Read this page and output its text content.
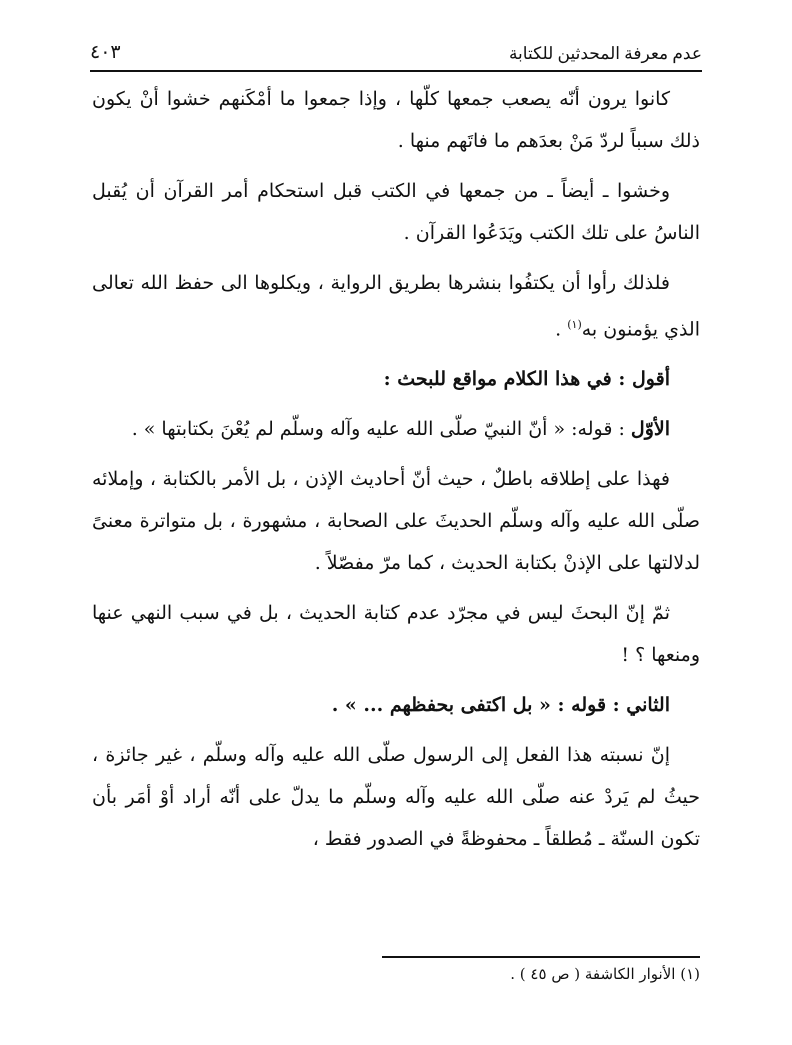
عدم معرفة المحدثين للكتابة
٤٠٣

كانوا يرون أنّه يصعب جمعها كلّها ، وإذا جمعوا ما أمْكَنهم خشوا أنْ يكون ذلك سبباً لردّ مَنْ بعدَهم ما فاتَهم منها .

وخشوا ـ أيضاً ـ من جمعها في الكتب قبل استحكام أمر القرآن أن يُقبل الناسُ على تلك الكتب ويَدَعُوا القرآن .

فلذلك رأوا أن يكتفُوا بنشرها بطريق الرواية ، ويكلوها الى حفظ الله تعالى الذي يؤمنون به$^{(١)}$ .

أقول : في هذا الكلام مواقع للبحث :

الأوّل : قوله: « أنّ النبيّ صلّى الله عليه وآله وسلّم لم يُعْنَ بكتابتها » .

فهذا على إطلاقه باطلٌ ، حيث أنّ أحاديث الإذن ، بل الأمر بالكتابة ، وإملائه صلّى الله عليه وآله وسلّم الحديثَ على الصحابة ، مشهورة ، بل متواترة معنىً لدلالتها على الإذنْ بكتابة الحديث ، كما مرّ مفصّلاً .

ثمّ إنّ البحثَ ليس في مجرّد عدم كتابة الحديث ، بل في سبب النهي عنها ومنعها ؟ !

الثاني : قوله : « بل اكتفى بحفظهم ... » .

إنّ نسبته هذا الفعل إلى الرسول صلّى الله عليه وآله وسلّم ، غير جائزة ، حيثُ لم يَردْ عنه صلّى الله عليه وآله وسلّم ما يدلّ على أنّه أراد أوْ أمَر بأن تكون السنّة ـ مُطلقاً ـ محفوظةً في الصدور فقط ،

(١) الأنوار الكاشفة ( ص ٤٥ ) .
